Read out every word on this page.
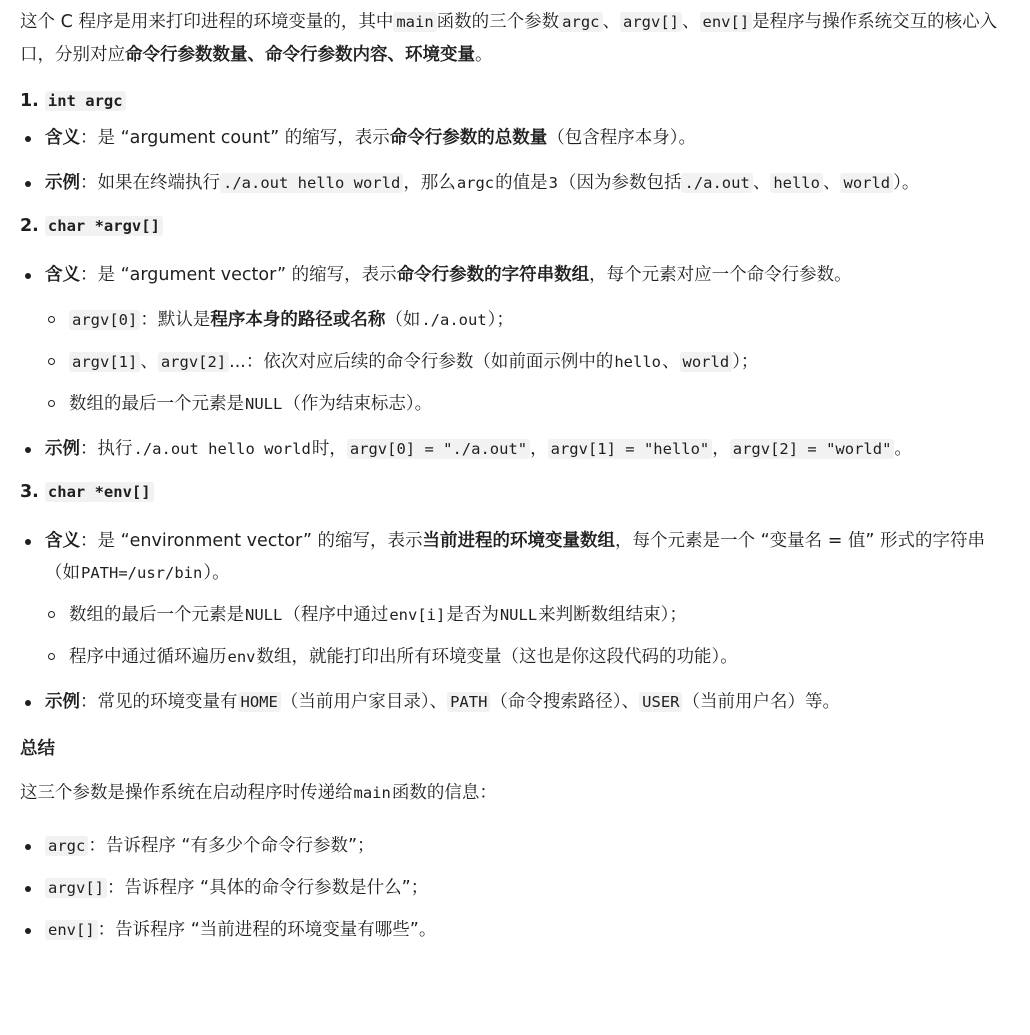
这个 C 程序是用来打印进程的环境变量的，其中 main 函数的三个参数 argc 、 argv[] 、 env[] 是程序与操作系统交互的核心入口，分别对应命令行参数数量、命令行参数内容、环境变量。

1. int argc
含义：是 “argument count” 的缩写，表示命令行参数的总数量（包含程序本身）。
示例：如果在终端执行 ./a.out hello world ，那么argc的值是3（因为参数包括 ./a.out 、 hello 、 world ）。
2. char *argv[]
含义：是 “argument vector” 的缩写，表示命令行参数的字符串数组，每个元素对应一个命令行参数。
argv[0] ：默认是程序本身的路径或名称（如./a.out）；
argv[1] 、 argv[2] ...：依次对应后续的命令行参数（如前面示例中的hello、 world ）；
数组的最后一个元素是NULL（作为结束标志）。
示例：执行./a.out hello world时， argv[0] = "./a.out" ， argv[1] = "hello" ， argv[2] = "world" 。
3. char *env[]
含义：是 “environment vector” 的缩写，表示当前进程的环境变量数组，每个元素是一个 “变量名 = 值” 形式的字符串（如PATH=/usr/bin）。
数组的最后一个元素是NULL（程序中通过env[i]是否为NULL来判断数组结束）；
程序中通过循环遍历env数组，就能打印出所有环境变量（这也是你这段代码的功能）。
示例：常见的环境变量有 HOME （当前用户家目录）、 PATH （命令搜索路径）、 USER （当前用户名）等。
总结

这三个参数是操作系统在启动程序时传递给main函数的信息：

argc ：告诉程序 “有多少个命令行参数”；
argv[] ：告诉程序 “具体的命令行参数是什么”；
env[] ：告诉程序 “当前进程的环境变量有哪些”。
